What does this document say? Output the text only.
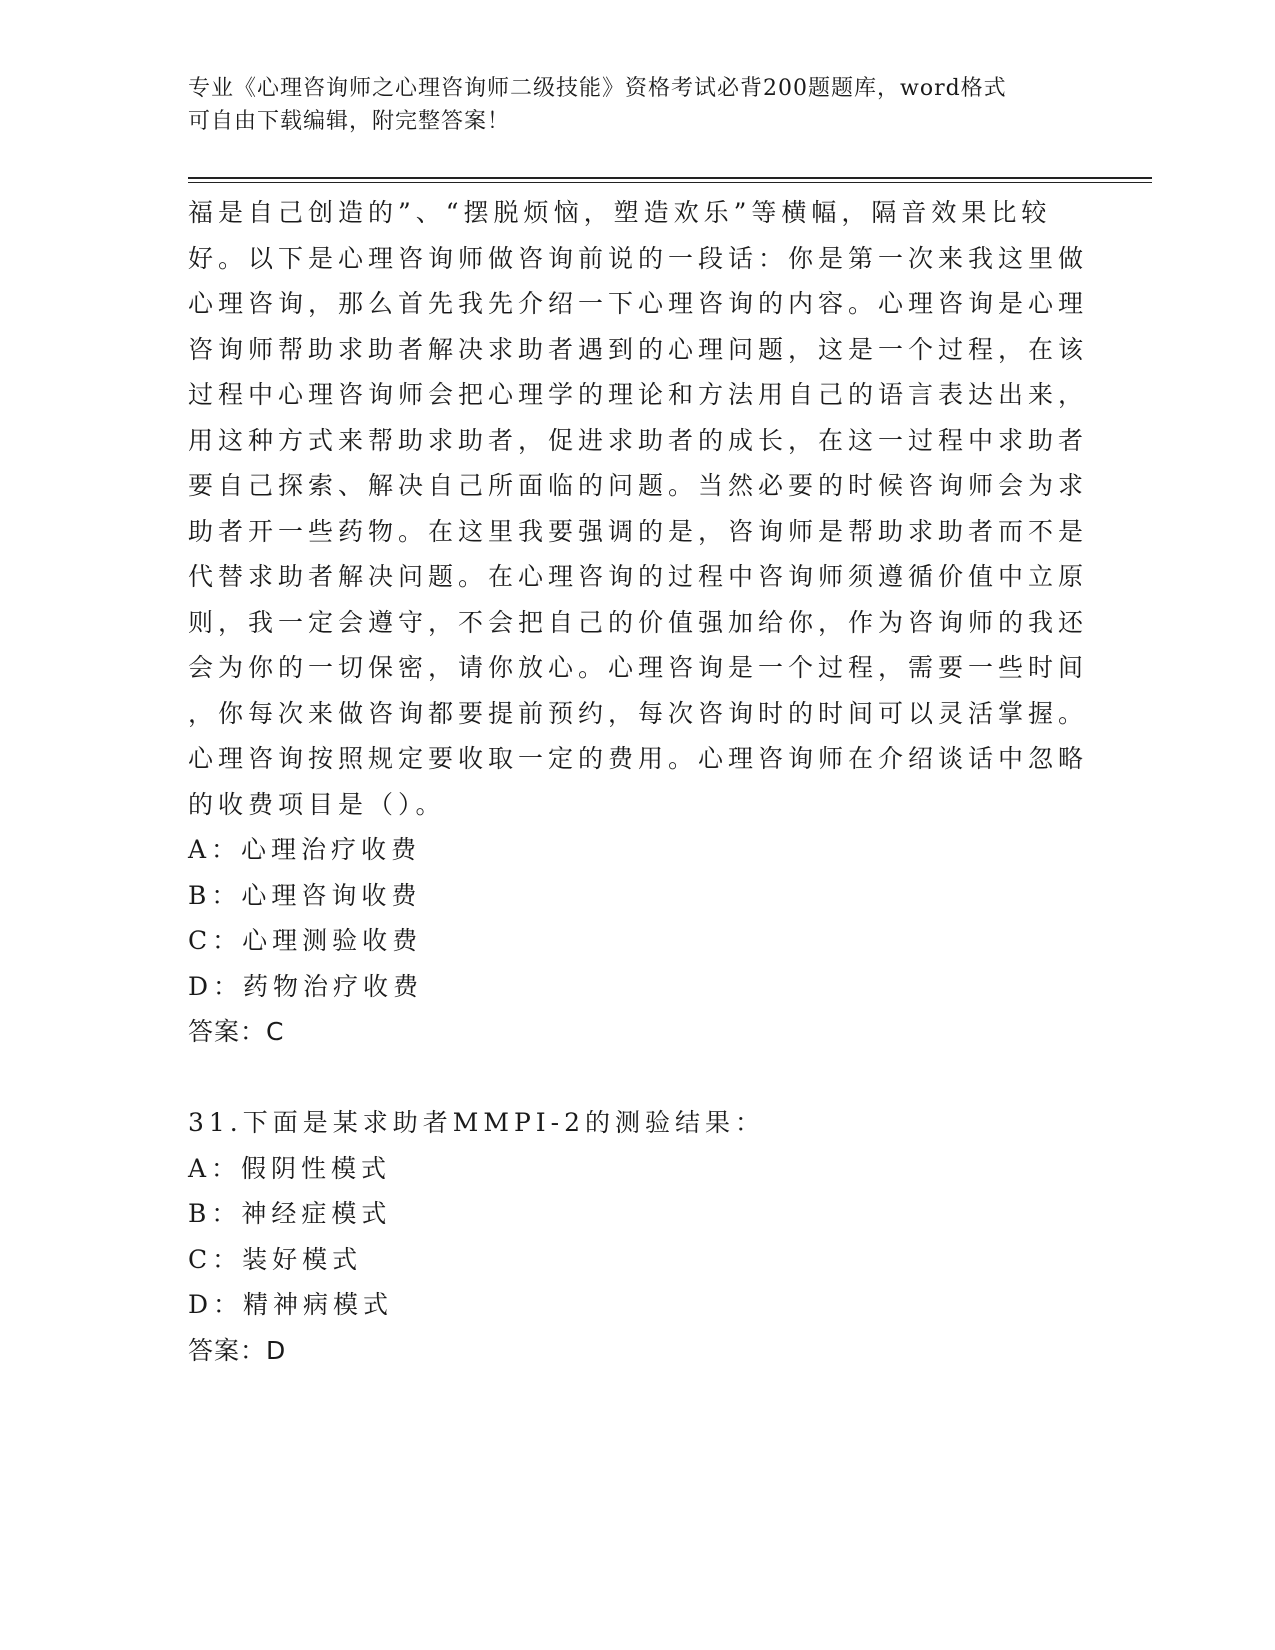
专业《心理咨询师之心理咨询师二级技能》资格考试必背200题题库，word格式
可自由下载编辑，附完整答案！
福是自己创造的”、“摆脱烦恼，塑造欢乐”等横幅，隔音效果比较
好。以下是心理咨询师做咨询前说的一段话：你是第一次来我这里做
心理咨询，那么首先我先介绍一下心理咨询的内容。心理咨询是心理
咨询师帮助求助者解决求助者遇到的心理问题，这是一个过程，在该
过程中心理咨询师会把心理学的理论和方法用自己的语言表达出来，
用这种方式来帮助求助者，促进求助者的成长，在这一过程中求助者
要自己探索、解决自己所面临的问题。当然必要的时候咨询师会为求
助者开一些药物。在这里我要强调的是，咨询师是帮助求助者而不是
代替求助者解决问题。在心理咨询的过程中咨询师须遵循价值中立原
则，我一定会遵守，不会把自己的价值强加给你，作为咨询师的我还
会为你的一切保密，请你放心。心理咨询是一个过程，需要一些时间
，你每次来做咨询都要提前预约，每次咨询时的时间可以灵活掌握。
心理咨询按照规定要收取一定的费用。心理咨询师在介绍谈话中忽略
的收费项目是（）。
A：心理治疗收费
B：心理咨询收费
C：心理测验收费
D：药物治疗收费
答案：C
31.下面是某求助者MMPI-2的测验结果：
A：假阴性模式
B：神经症模式
C：装好模式
D：精神病模式
答案：D
